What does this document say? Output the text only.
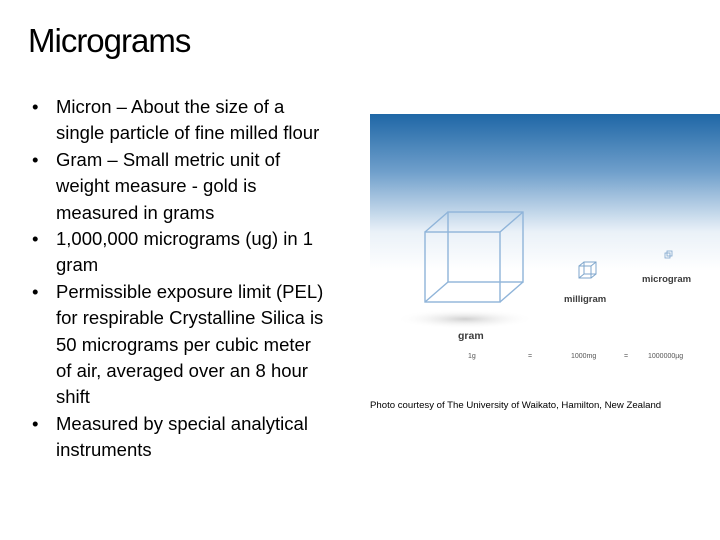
Micrograms
• Micron – About the size of a single particle of fine milled flour
• Gram – Small metric unit of weight measure - gold is measured in grams
• 1,000,000 micrograms (ug) in 1 gram
• Permissible exposure limit (PEL) for respirable Crystalline Silica is 50 micrograms per cubic meter of air, averaged over an 8 hour shift
• Measured by special analytical instruments
gram
milligram
microgram
1g	=	1000mg	=	1000000µg
Photo courtesy of The University of Waikato, Hamilton, New Zealand
